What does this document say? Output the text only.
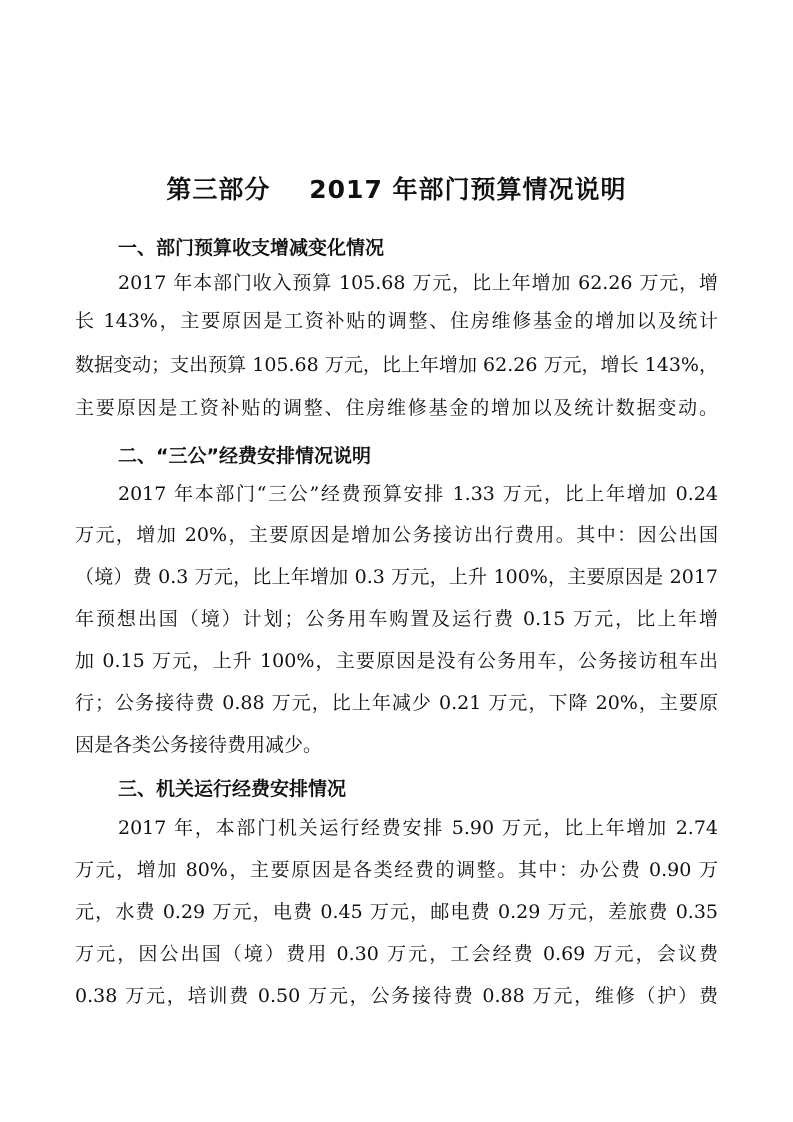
第三部分 2017 年部门预算情况说明
一、部门预算收支增减变化情况
2017 年本部门收入预算 105.68 万元，比上年增加 62.26 万元，增
长 143%，主要原因是工资补贴的调整、住房维修基金的增加以及统计
数据变动；支出预算 105.68 万元，比上年增加 62.26 万元，增长 143%，
主要原因是工资补贴的调整、住房维修基金的增加以及统计数据变动。
二、“三公”经费安排情况说明
2017 年本部门“三公”经费预算安排 1.33 万元，比上年增加 0.24
万元，增加 20%，主要原因是增加公务接访出行费用。其中：因公出国
（境）费 0.3 万元，比上年增加 0.3 万元，上升 100%，主要原因是 2017
年预想出国（境）计划；公务用车购置及运行费 0.15 万元，比上年增
加 0.15 万元，上升 100%，主要原因是没有公务用车，公务接访租车出
行；公务接待费 0.88 万元，比上年减少 0.21 万元，下降 20%，主要原
因是各类公务接待费用减少。
三、机关运行经费安排情况
2017 年，本部门机关运行经费安排 5.90 万元，比上年增加 2.74
万元，增加 80%，主要原因是各类经费的调整。其中：办公费 0.90 万
元，水费 0.29 万元，电费 0.45 万元，邮电费 0.29 万元，差旅费 0.35
万元，因公出国（境）费用 0.30 万元，工会经费 0.69 万元，会议费
0.38 万元，培训费 0.50 万元，公务接待费 0.88 万元，维修（护）费
